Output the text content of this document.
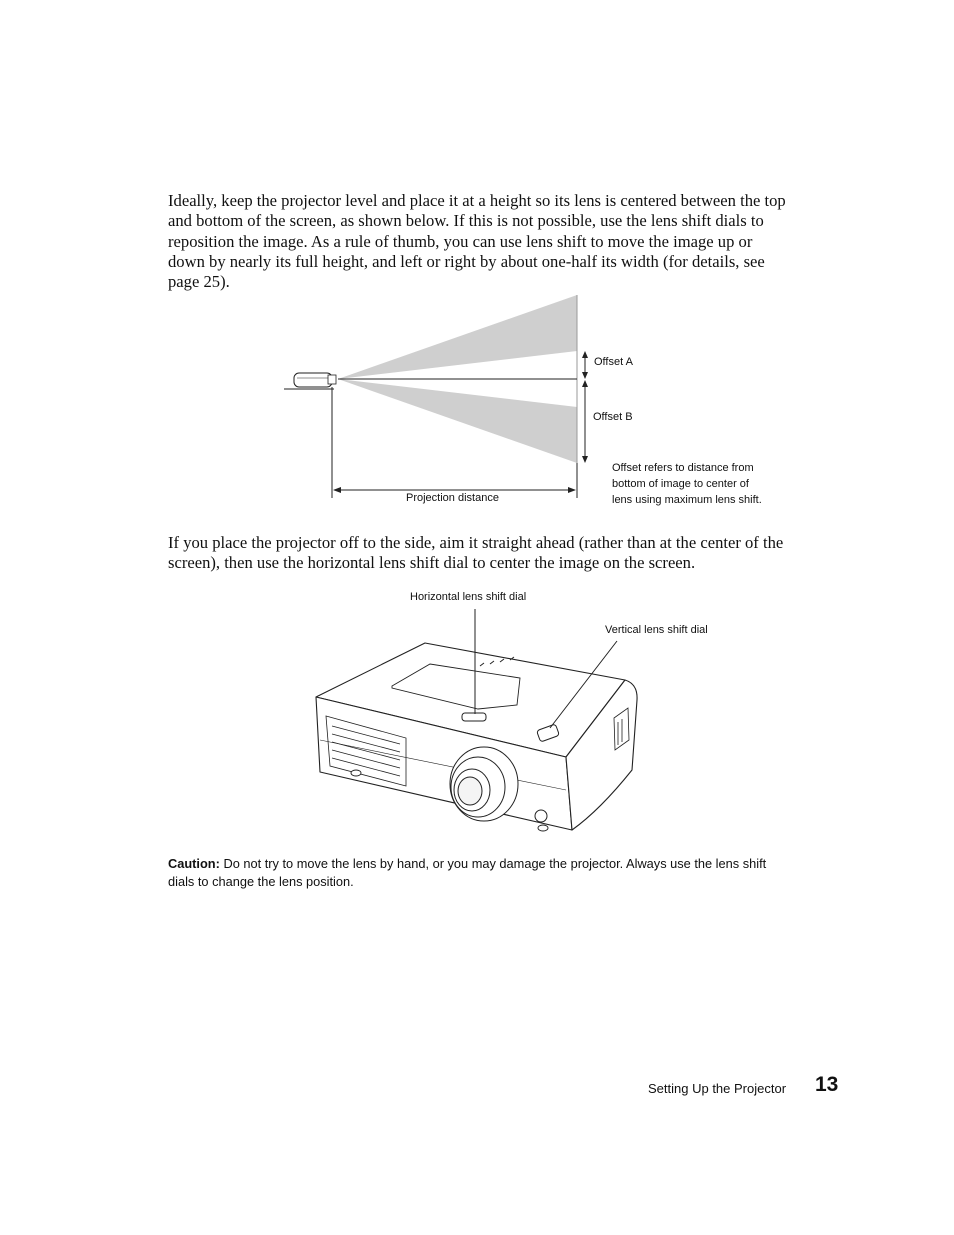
Ideally, keep the projector level and place it at a height so its lens is centered between the top and bottom of the screen, as shown below. If this is not possible, use the lens shift dials to reposition the image. As a rule of thumb, you can use lens shift to move the image up or down by nearly its full height, and left or right by about one-half its width (for details, see page 25).

Offset A
Offset B
Offset refers to distance from
bottom of image to center of
lens using maximum lens shift.
Projection distance

If you place the projector off to the side, aim it straight ahead (rather than at the center of the screen), then use the horizontal lens shift dial to center the image on the screen.

Horizontal lens shift dial
Vertical lens shift dial
Caution: Do not try to move the lens by hand, or you may damage the projector. Always use the lens shift dials to change the lens position.
Setting Up the Projector 13
